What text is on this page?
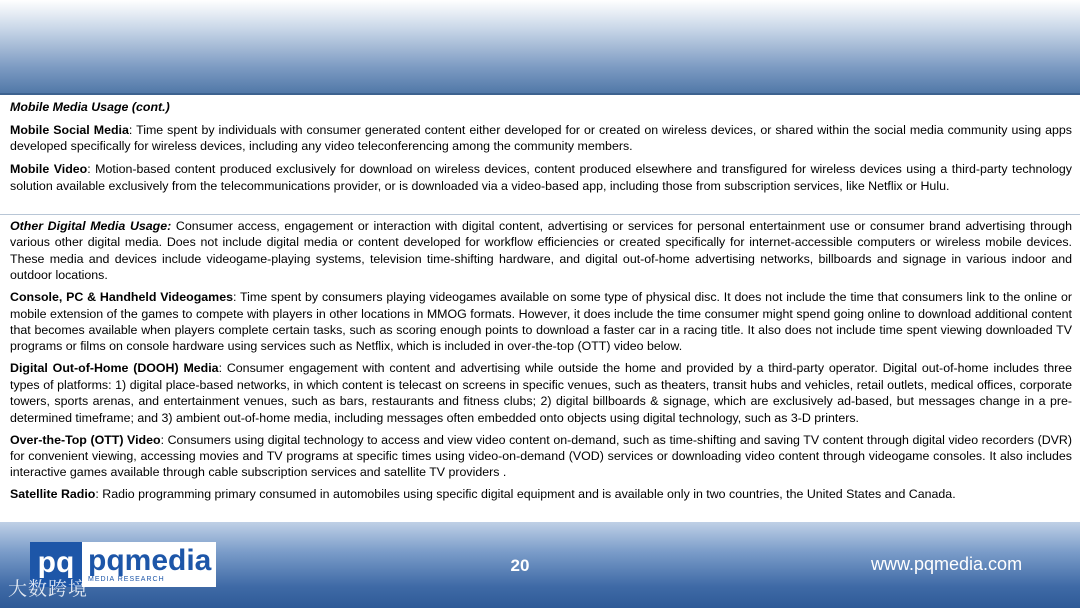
Mobile Media Usage (cont.)

Mobile Social Media: Time spent by individuals with consumer generated content either developed for or created on wireless devices, or shared within the social media community using apps developed specifically for wireless devices, including any video teleconferencing among the community members.

Mobile Video: Motion-based content produced exclusively for download on wireless devices, content produced elsewhere and transfigured for wireless devices using a third-party technology solution available exclusively from the telecommunications provider, or is downloaded via a video-based app, including those from subscription services, like Netflix or Hulu.

Other Digital Media Usage: Consumer access, engagement or interaction with digital content, advertising or services for personal entertainment use or consumer brand advertising through various other digital media. Does not include digital media or content developed for workflow efficiencies or created specifically for internet-accessible computers or wireless mobile devices. These media and devices include videogame-playing systems, television time-shifting hardware, and digital out-of-home advertising networks, billboards and signage in various indoor and outdoor locations.

Console, PC & Handheld Videogames: Time spent by consumers playing videogames available on some type of physical disc. It does not include the time that consumers link to the online or mobile extension of the games to compete with players in other locations in MMOG formats. However, it does include the time consumer might spend going online to download additional content that becomes available when players complete certain tasks, such as scoring enough points to download a faster car in a racing title. It also does not include time spent viewing downloaded TV programs or films on console hardware using services such as Netflix, which is included in over-the-top (OTT) video below.

Digital Out-of-Home (DOOH) Media: Consumer engagement with content and advertising while outside the home and provided by a third-party operator. Digital out-of-home includes three types of platforms: 1) digital place-based networks, in which content is telecast on screens in specific venues, such as theaters, transit hubs and vehicles, retail outlets, medical offices, corporate towers, sports arenas, and entertainment venues, such as bars, restaurants and fitness clubs; 2) digital billboards & signage, which are exclusively ad-based, but messages change in a pre-determined timeframe; and 3) ambient out-of-home media, including messages often embedded onto objects using digital technology, such as 3-D printers.

Over-the-Top (OTT) Video: Consumers using digital technology to access and view video content on-demand, such as time-shifting and saving TV content through digital video recorders (DVR) for convenient viewing, accessing movies and TV programs at specific times using video-on-demand (VOD) services or downloading video content through videogame consoles. It also includes interactive games available through cable subscription services and satellite TV providers .

Satellite Radio: Radio programming primary consumed in automobiles using specific digital equipment and is available only in two countries, the United States and Canada.

pq pqmedia
MEDIA RESEARCH
大数跨境
20	www.pqmedia.com
